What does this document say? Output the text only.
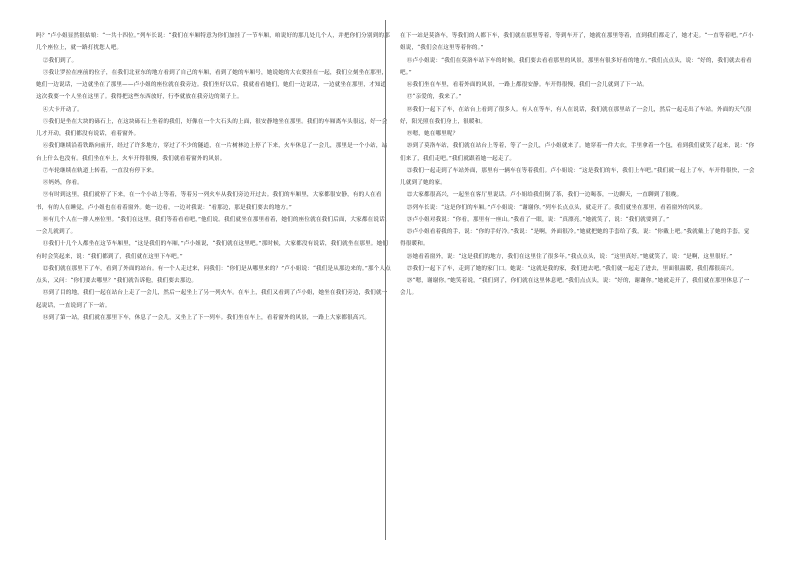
吗？”卢小姐显然很姑娘：“一共十四位。”列车长说：“我们在车厢特意为你们加挂了一节车厢，咱说好的那几处几个人，并把你们分别到的那几个座位上，就一路打扰您人吧。

②我们到了。

③我让罗拉在座前的位子，在我们北亚东的地方看到了自己的车厢，看到了她的车厢号，她说她的大衣要挂在一起，我们立刻坐在那里，她们一边说话，一边就坐在了那里——卢小姐的座位就在我旁边。我们坐好以后，我就看看她们，她们一边说话，一边就坐在那里，才知道这次我要一个人坐在这里了。我得把这些东西放好，行李就放在我旁边的架子上。

④大卡开动了。

⑤我们是坐在大块的砾石上，在这块砾石上坐着的我们，好像在一个大石头的上面，很安静地坐在那里。我们的车厢离车头很远，好一会儿才开动，我们都没有说话，看着窗外。

⑥我们继续沿着铁路向前开，经过了许多地方，穿过了不少的隧道，在一片树林边上停了下来，火车休息了一会儿，那里是一个小站，站台上什么也没有。我们坐在车上，火车开得很慢，我们就看着窗外的风景。

⑦车轮继续在轨道上转着，一直没有停下来。

⑧妈妈，你看。

⑨有时到这里，我们就停了下来，在一个小站上等着，等着另一列火车从我们旁边开过去。我们的车厢里，大家都很安静，有的人在看书，有的人在睡觉，卢小姐也在看着窗外。她一边看，一边对我说：“看那边，那是我们要去的地方。”

⑩有几个人在一排人座位里。“我们在这里，我们等着看看吧，”他们说。我们就坐在那里看着，她们的座位就在我们后面，大家都在说话，一会儿就到了。

⑪我们十几个人都坐在这节车厢里，“这是我们的车厢，”卢小姐说，“我们就在这里吧。”那时候，大家都没有说话，我们就坐在那里。她们有时会笑起来，说：“我们都到了，我们就在这里下车吧。”

⑫我们就在那里下了车，看到了外面的站台。有一个人走过来，问我们：“你们是从哪里来的？”卢小姐说：“我们是从那边来的。”那个人点点头，又问：“你们要去哪里？”我们就告诉他，我们要去那边。

⑬到了目的地，我们一起在站台上走了一会儿，然后一起坐上了另一列火车。在车上，我们又看到了卢小姐，她坐在我们旁边，我们就一起说话，一直说到了下一站。

⑭到了第一站，我们就在那里下车，休息了一会儿，又坐上了下一列车。我们坐在车上，看着窗外的风景，一路上大家都很高兴。

在下一站是莫洛车，等我们的人都下车，我们就在那里等着，等到车开了，她就在那里等着，直到我们都走了，她才走。“一直等着吧，”卢小姐说，“我们会在这里等着你的。”

⑮卢小姐说：“我们在莫洛车站下车的时候，我们要去看看那里的风景，那里有很多好看的地方。”我们点点头，说：“好的，我们就去看看吧。”

⑯我们坐在车里，看着外面的风景，一路上都很安静。车开得很慢，我们一会儿就到了下一站。

⑰“亲爱的，我来了。”

⑱我们一起下了车，在站台上看到了很多人。有人在等车，有人在说话，我们就在那里站了一会儿，然后一起走出了车站。外面的天气很好，阳光照在我们身上，很暖和。

⑲嗯，她在哪里呢？

⑳到了莫洛车站，我们就在站台上等着，等了一会儿，卢小姐就来了。她穿着一件大衣，手里拿着一个包，看到我们就笑了起来，说：“你们来了，我们走吧。”我们就跟着她一起走了。

㉑我们一起走到了车站外面，那里有一辆车在等着我们。卢小姐说：“这是我们的车，我们上车吧。”我们就一起上了车，车开得很快，一会儿就到了她的家。

㉒大家都很高兴，一起坐在客厅里说话。卢小姐给我们倒了茶，我们一边喝茶，一边聊天，一直聊到了很晚。

㉓列车长说：“这是你们的车厢。”卢小姐说：“谢谢你。”列车长点点头，就走开了。我们就坐在那里，看着窗外的风景。

㉔卢小姐对我说：“你看，那里有一座山。”我看了一眼，说：“真漂亮。”她就笑了，说：“我们就要到了。”

㉕卢小姐看着我的手，说：“你的手好冷。”我说：“是啊，外面很冷。”她就把她的手套给了我，说：“你戴上吧。”我就戴上了她的手套，觉得很暖和。

㉖她看着窗外，说：“这是我们的地方，我们在这里住了很多年。”我点点头，说：“这里真好。”她就笑了，说：“是啊，这里很好。”

㉗我们一起下了车，走到了她的家门口。她说：“这就是我的家，我们进去吧。”我们就一起走了进去，里面很温暖，我们都很高兴。

㉘“嗯，谢谢你。”她笑着说，“我们到了，你们就在这里休息吧。”我们点点头，说：“好的，谢谢你。”她就走开了，我们就在那里休息了一会儿。
